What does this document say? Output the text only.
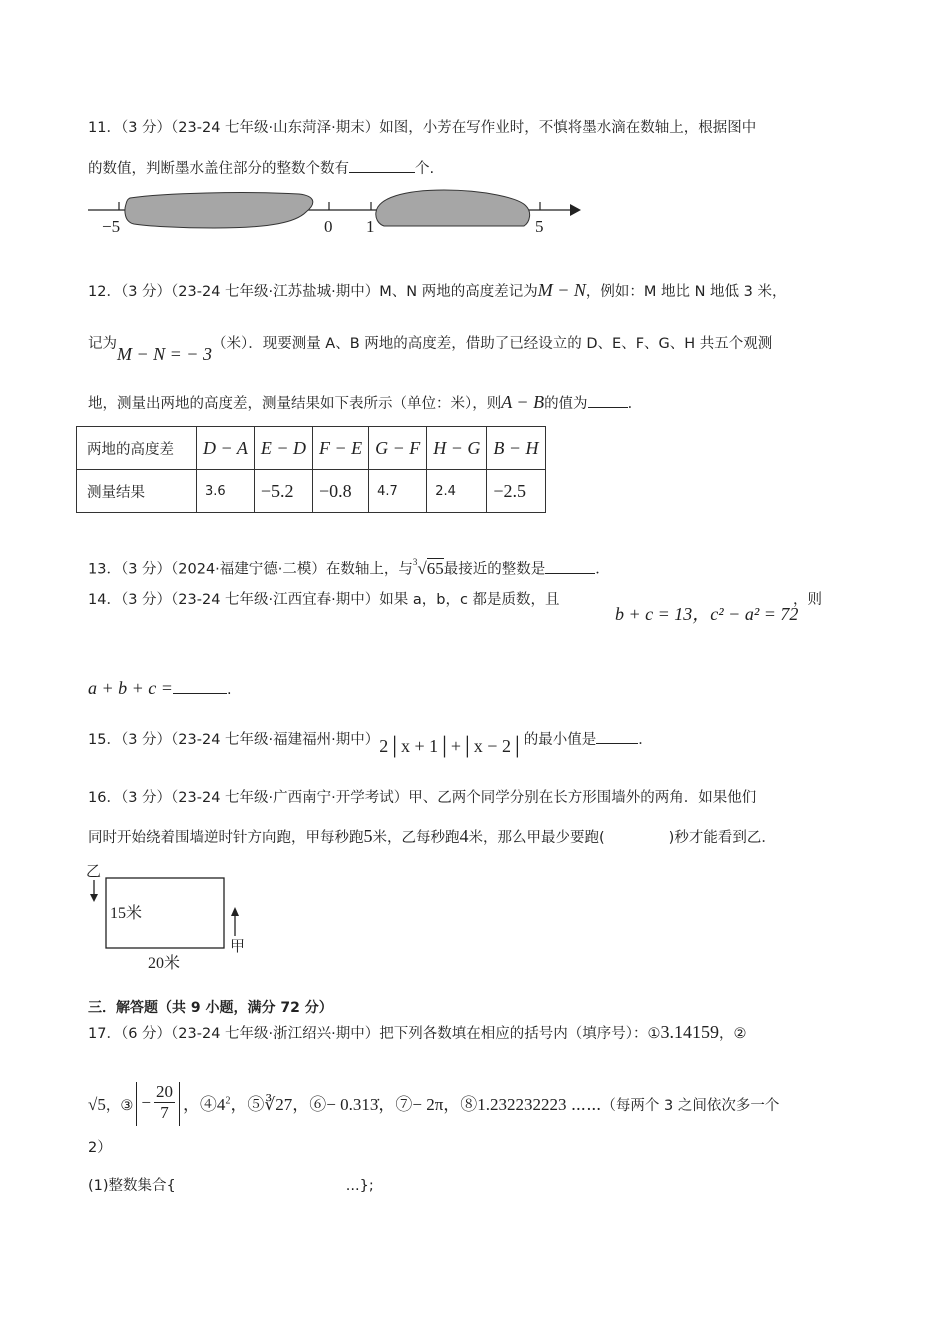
11．（3 分）（23-24 七年级·山东菏泽·期末）如图，小芳在写作业时，不慎将墨水滴在数轴上，根据图中
的数值，判断墨水盖住部分的整数个数有	个.
−5	0 1	5
12．（3 分）（23-24 七年级·江苏盐城·期中）M、N 两地的高度差记为M − N，例如：M 地比 N 地低 3 米，
记为M − N = − 3（米）．现要测量 A、B 两地的高度差，借助了已经设立的 D、E、F、G、H 共五个观测
地，测量出两地的高度差，测量结果如下表所示（单位：米），则A − B的值为	．
两地的高度差	D − A	E − D	F − E	G − F	H − G	B − H
测量结果	3.6	−5.2	−0.8	4.7	2.4	−2.5
13．（3 分）（2024·福建宁德·二模）在数轴上，与$^3$√65最接近的整数是	．
14．（3 分）（23-24 七年级·江西宜春·期中）如果 a，b，c 都是质数，且
b + c = 13，c² − a² = 72
，则
a + b + c =	.
15．（3 分）（23-24 七年级·福建福州·期中）2│x + 1│+│x − 2│的最小值是	．
16．（3 分）（23-24 七年级·广西南宁·开学考试）甲、乙两个同学分别在长方形围墙外的两角．如果他们
同时开始绕着围墙逆时针方向跑，甲每秒跑5米，乙每秒跑4米，那么甲最少要跑(	)秒才能看到乙．
乙
15米
甲
20米
三．解答题（共 9 小题，满分 72 分）
17．（6 分）（23-24 七年级·浙江绍兴·期中）把下列各数填在相应的括号内（填序号）：①3.14159，②
√5，③ − $\frac{20}{7}$ ，$④4^2$，⑤∛27，⑥− 0.313̇，⑦− 2π，⑧1.232232223 ⋯⋯（每两个 3 之间依次多一个
2）
(1)整数集合{	...};
